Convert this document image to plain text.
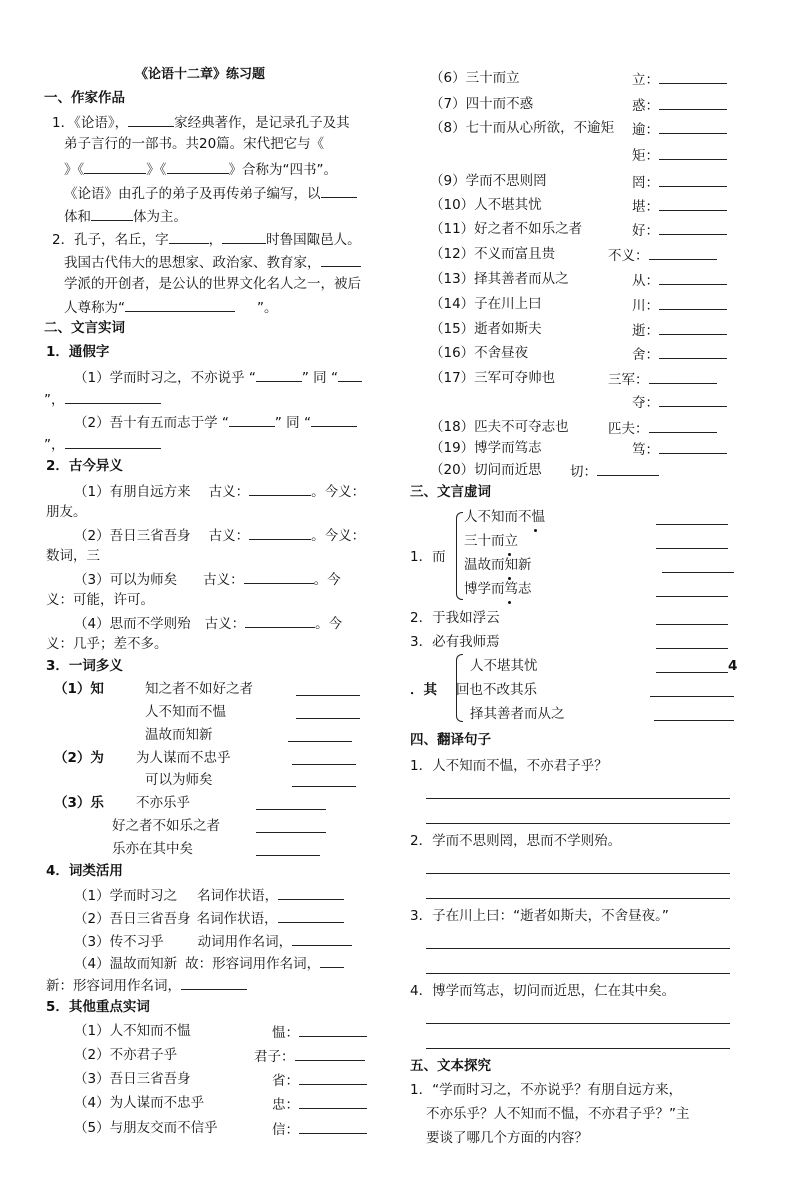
《论语十二章》练习题
一、作家作品
1．《论语》，	家经典著作，是记录孔子及其
弟子言行的一部书。共20篇。宋代把它与《
》《	》《	》合称为“四书”。
《论语》由孔子的弟子及再传弟子编写，以
体和	体为主。
2．孔子，名丘，字	，	时鲁国陬邑人。
我国古代伟大的思想家、政治家、教育家，
学派的开创者，是公认的世界文化名人之一，被后
人尊称为“	”。
二、文言实词
1．通假字
（1）学而时习之，不亦说乎 “	” 同 “
”，
（2）吾十有五而志于学 “	” 同 “
”，
2．古今异义
（1）有朋自远方来 古义：	。今义：
朋友。
（2）吾日三省吾身 古义：	。今义：
数词，三
（3）可以为师矣 古义：	。今
义：可能，许可。
（4）思而不学则殆 古义：	。今
义：几乎；差不多。
3．一词多义
（1）知	知之者不如好之者
人不知而不愠
温故而知新
（2）为 为人谋而不忠乎
可以为师矣
（3）乐 不亦乐乎
好之者不如乐之者
乐亦在其中矣
4．词类活用
（1）学而时习之 名词作状语，
（2）吾日三省吾身 名词作状语，
（3）传不习乎	动词用作名词，
（4）温故而知新 故：形容词用作名词，
新：形容词用作名词，
5．其他重点实词
（1）人不知而不愠	愠：
（2）不亦君子乎	君子：
（3）吾日三省吾身	省：
（4）为人谋而不忠乎	忠：
（5）与朋友交而不信乎	信：
（6）三十而立	立：
（7）四十而不惑	惑：
（8）七十而从心所欲，不逾矩 逾：
矩：
（9）学而不思则罔	罔：
（10）人不堪其忧	堪：
（11）好之者不如乐之者	好：
（12）不义而富且贵	不义：
（13）择其善者而从之	从：
（14）子在川上曰	川：
（15）逝者如斯夫	逝：
（16）不舍昼夜	舍：
（17）三军可夺帅也	三军：
夺：
（18）匹夫不可夺志也	匹夫：
（19）博学而笃志	笃：
（20）切问而近思 切：
三、文言虚词
1．而
人不知而不愠
三十而立
温故而知新
博学而笃志
2．于我如浮云
3．必有我师焉
．其
人不堪其忧	4
回也不改其乐
择其善者而从之
四、翻译句子
1．人不知而不愠，不亦君子乎？
2．学而不思则罔，思而不学则殆。
3．子在川上曰：“逝者如斯夫，不舍昼夜。”
4．博学而笃志，切问而近思，仁在其中矣。
五、文本探究
1．“学而时习之，不亦说乎？有朋自远方来，
不亦乐乎？人不知而不愠，不亦君子乎？”主
要谈了哪几个方面的内容？
